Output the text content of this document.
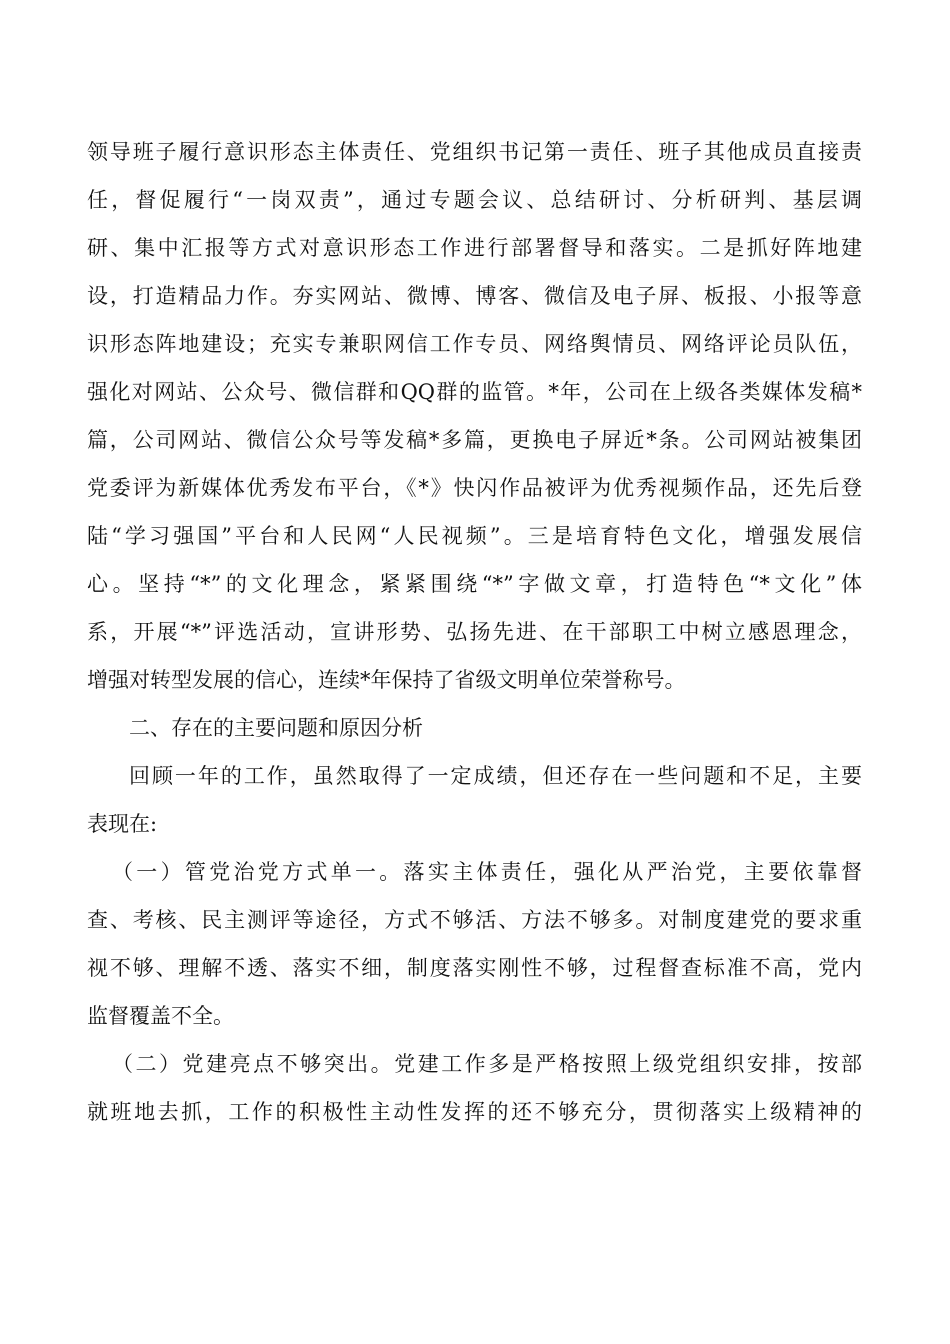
领导班子履行意识形态主体责任、党组织书记第一责任、班子其他成员直接责
任，督促履行“一岗双责”，通过专题会议、总结研讨、分析研判、基层调
研、集中汇报等方式对意识形态工作进行部署督导和落实。二是抓好阵地建
设，打造精品力作。夯实网站、微博、博客、微信及电子屏、板报、小报等意
识形态阵地建设；充实专兼职网信工作专员、网络舆情员、网络评论员队伍，
强化对网站、公众号、微信群和QQ群的监管。*年，公司在上级各类媒体发稿*
篇，公司网站、微信公众号等发稿*多篇，更换电子屏近*条。公司网站被集团
党委评为新媒体优秀发布平台，《*》快闪作品被评为优秀视频作品，还先后登
陆“学习强国”平台和人民网“人民视频”。三是培育特色文化，增强发展信
心。坚持“*”的文化理念，紧紧围绕“*”字做文章，打造特色“*文化”体
系，开展“*”评选活动，宣讲形势、弘扬先进、在干部职工中树立感恩理念，
增强对转型发展的信心，连续*年保持了省级文明单位荣誉称号。
二、存在的主要问题和原因分析
回顾一年的工作，虽然取得了一定成绩，但还存在一些问题和不足，主要
表现在:
（一）管党治党方式单一。落实主体责任，强化从严治党，主要依靠督
查、考核、民主测评等途径，方式不够活、方法不够多。对制度建党的要求重
视不够、理解不透、落实不细，制度落实刚性不够，过程督查标准不高，党内
监督覆盖不全。
（二）党建亮点不够突出。党建工作多是严格按照上级党组织安排，按部
就班地去抓，工作的积极性主动性发挥的还不够充分，贯彻落实上级精神的
